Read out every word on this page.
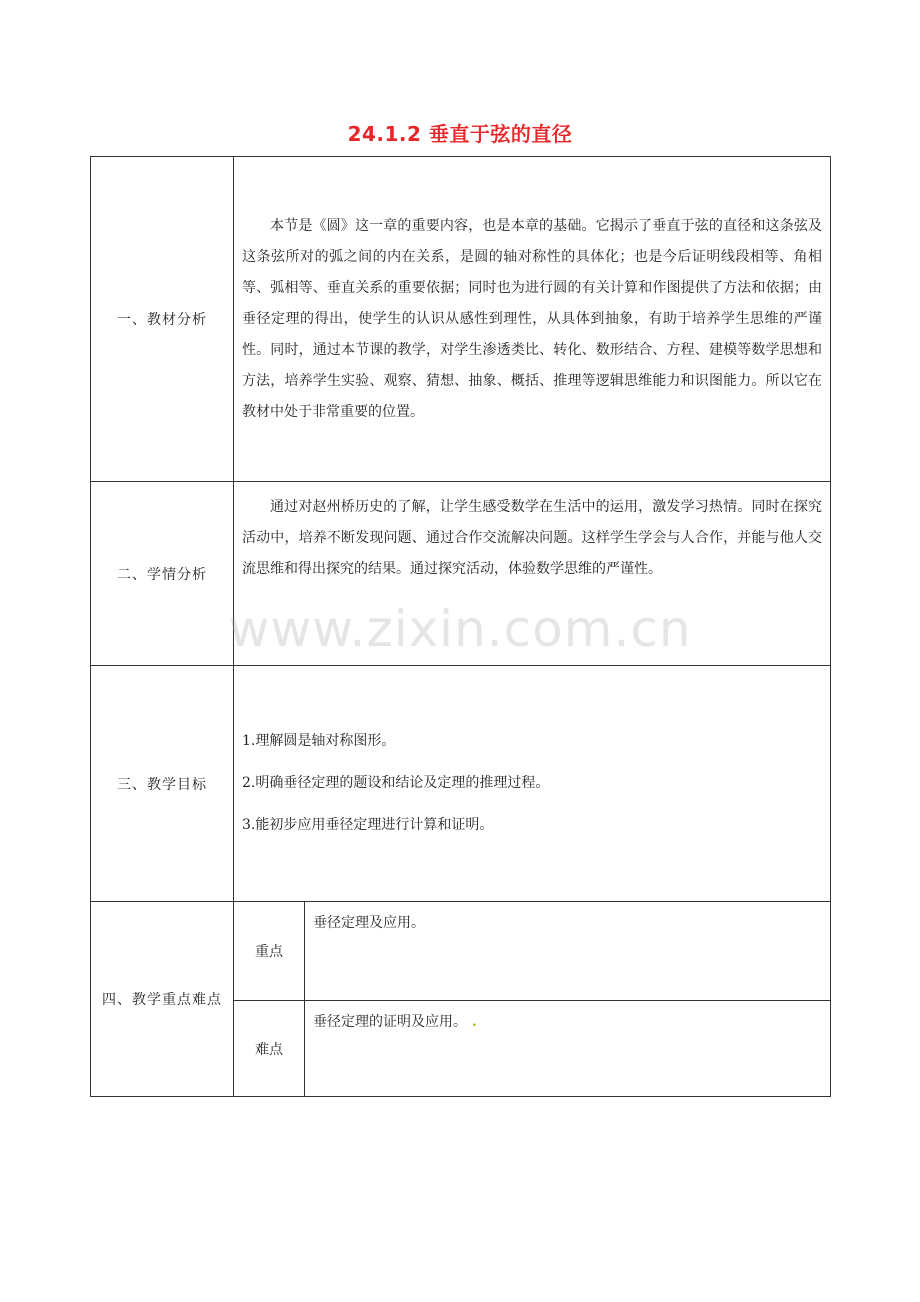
24.1.2 垂直于弦的直径
一、教材分析	本节是《圆》这一章的重要内容，也是本章的基础。它揭示了垂直于弦的直径和这条弦及这条弦所对的弧之间的内在关系，是圆的轴对称性的具体化；也是今后证明线段相等、角相等、弧相等、垂直关系的重要依据；同时也为进行圆的有关计算和作图提供了方法和依据；由垂径定理的得出，使学生的认识从感性到理性，从具体到抽象，有助于培养学生思维的严谨性。同时，通过本节课的教学，对学生渗透类比、转化、数形结合、方程、建模等数学思想和方法，培养学生实验、观察、猜想、抽象、概括、推理等逻辑思维能力和识图能力。所以它在教材中处于非常重要的位置。	
二、学情分析	通过对赵州桥历史的了解，让学生感受数学在生活中的运用，激发学习热情。同时在探究活动中，培养不断发现问题、通过合作交流解决问题。这样学生学会与人合作，并能与他人交流思维和得出探究的结果。通过探究活动，体验数学思维的严谨性。	
三、教学目标	1.理解圆是轴对称图形。
2.明确垂径定理的题设和结论及定理的推理过程。
3.能初步应用垂径定理进行计算和证明。	

四、教学重点难点	重点	垂径定理及应用。
	难点	垂径定理的证明及应用。 .
www.zixin.com.cn
